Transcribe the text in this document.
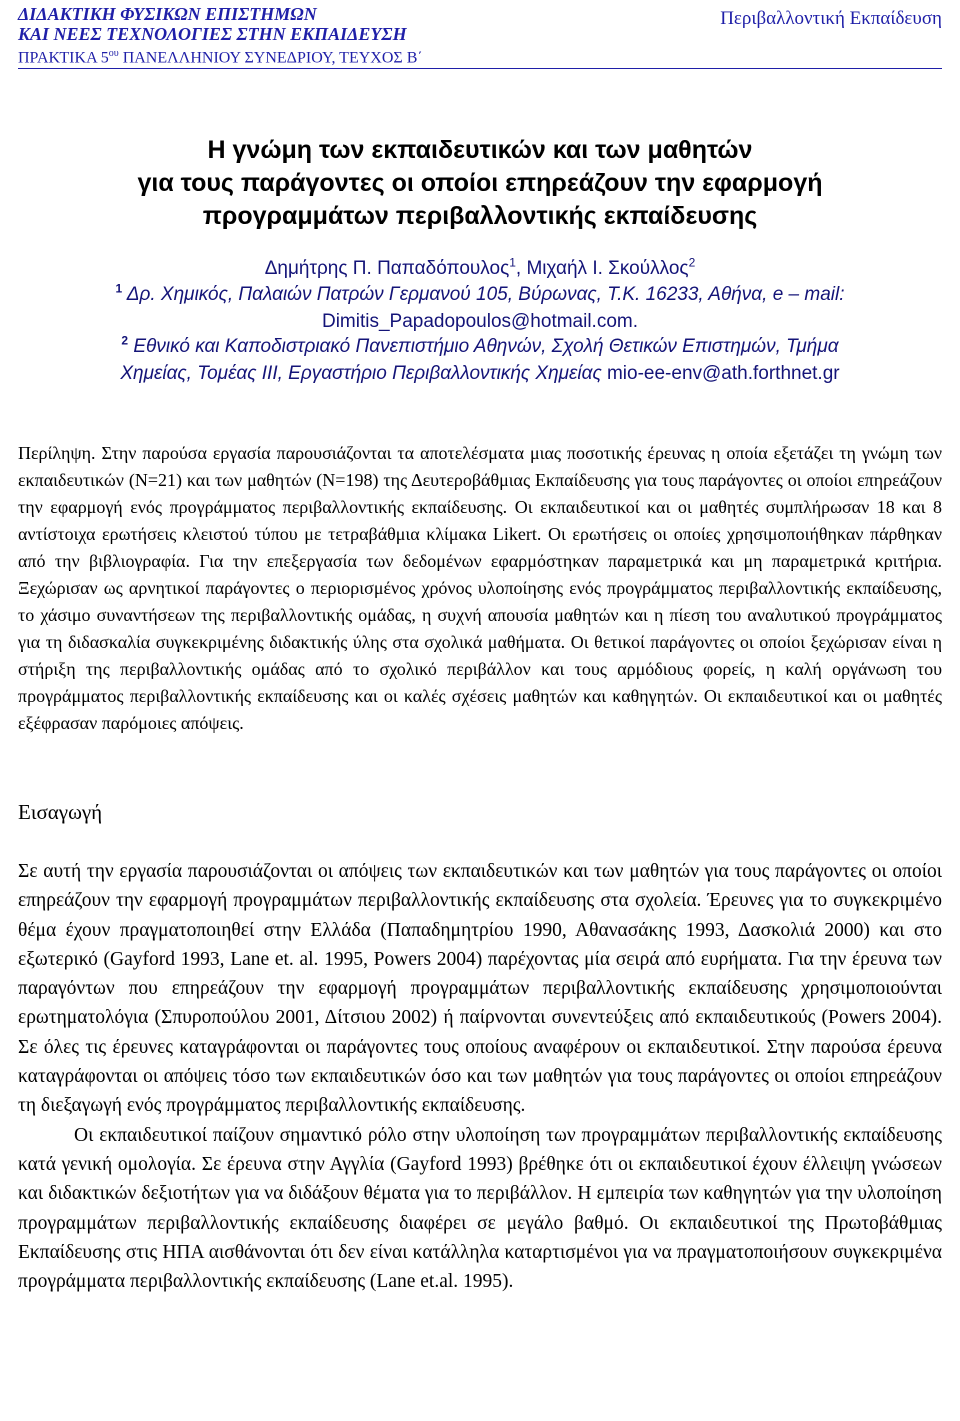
ΔΙΔΑΚΤΙΚΗ ΦΥΣΙΚΩΝ ΕΠΙΣΤΗΜΩΝ
ΚΑΙ ΝΕΕΣ ΤΕΧΝΟΛΟΓΙΕΣ ΣΤΗΝ ΕΚΠΑΙΔΕΥΣΗ
ΠΡΑΚΤΙΚΑ $5^{o\upsilon}$ ΠΑΝΕΛΛΗΝΙΟΥ ΣΥΝΕΔΡΙΟΥ, ΤΕΥΧΟΣ Β΄
Περιβαλλοντική Εκπαίδευση
Η γνώμη των εκπαιδευτικών και των μαθητών
για τους παράγοντες οι οποίοι επηρεάζουν την εφαρμογή
προγραμμάτων περιβαλλοντικής εκπαίδευσης
Δημήτρης Π. Παπαδόπουλος$^1$, Μιχαήλ Ι. Σκούλλος$^2$
$^1$ Δρ. Χημικός, Παλαιών Πατρών Γερμανού 105, Βύρωνας, Τ.Κ. 16233, Αθήνα, e – mail:
Dimitis_Papadopoulos@hotmail.com.
$^2$ Εθνικό και Καποδιστριακό Πανεπιστήμιο Αθηνών, Σχολή Θετικών Επιστημών, Τμήμα
Χημείας, Τομέας ΙΙΙ, Εργαστήριο Περιβαλλοντικής Χημείας mio-ee-env@ath.forthnet.gr
Περίληψη. Στην παρούσα εργασία παρουσιάζονται τα αποτελέσματα μιας ποσοτικής έρευνας η οποία εξετάζει τη γνώμη των εκπαιδευτικών (Ν=21) και των μαθητών (Ν=198) της Δευτεροβάθμιας Εκπαίδευσης για τους παράγοντες οι οποίοι επηρεάζουν την εφαρμογή ενός προγράμματος περιβαλλοντικής εκπαίδευσης. Οι εκπαιδευτικοί και οι μαθητές συμπλήρωσαν 18 και 8 αντίστοιχα ερωτήσεις κλειστού τύπου με τετραβάθμια κλίμακα Likert. Οι ερωτήσεις οι οποίες χρησιμοποιήθηκαν πάρθηκαν από την βιβλιογραφία. Για την επεξεργασία των δεδομένων εφαρμόστηκαν παραμετρικά και μη παραμετρικά κριτήρια. Ξεχώρισαν ως αρνητικοί παράγοντες ο περιορισμένος χρόνος υλοποίησης ενός προγράμματος περιβαλλοντικής εκπαίδευσης, το χάσιμο συναντήσεων της περιβαλλοντικής ομάδας, η συχνή απουσία μαθητών και η πίεση του αναλυτικού προγράμματος για τη διδασκαλία συγκεκριμένης διδακτικής ύλης στα σχολικά μαθήματα. Οι θετικοί παράγοντες οι οποίοι ξεχώρισαν είναι η στήριξη της περιβαλλοντικής ομάδας από το σχολικό περιβάλλον και τους αρμόδιους φορείς, η καλή οργάνωση του προγράμματος περιβαλλοντικής εκπαίδευσης και οι καλές σχέσεις μαθητών και καθηγητών. Οι εκπαιδευτικοί και οι μαθητές εξέφρασαν παρόμοιες απόψεις.
Εισαγωγή

Σε αυτή την εργασία παρουσιάζονται οι απόψεις των εκπαιδευτικών και των μαθητών για τους παράγοντες οι οποίοι επηρεάζουν την εφαρμογή προγραμμάτων περιβαλλοντικής εκπαίδευσης στα σχολεία. Έρευνες για το συγκεκριμένο θέμα έχουν πραγματοποιηθεί στην Ελλάδα (Παπαδημητρίου 1990, Αθανασάκης 1993, Δασκολιά 2000) και στο εξωτερικό (Gayford 1993, Lane et. al. 1995, Powers 2004) παρέχοντας μία σειρά από ευρήματα. Για την έρευνα των παραγόντων που επηρεάζουν την εφαρμογή προγραμμάτων περιβαλλοντικής εκπαίδευσης χρησιμοποιούνται ερωτηματολόγια (Σπυροπούλου 2001, Δίτσιου 2002) ή παίρνονται συνεντεύξεις από εκπαιδευτικούς (Powers 2004). Σε όλες τις έρευνες καταγράφονται οι παράγοντες τους οποίους αναφέρουν οι εκπαιδευτικοί. Στην παρούσα έρευνα καταγράφονται οι απόψεις τόσο των εκπαιδευτικών όσο και των μαθητών για τους παράγοντες οι οποίοι επηρεάζουν τη διεξαγωγή ενός προγράμματος περιβαλλοντικής εκπαίδευσης.

Οι εκπαιδευτικοί παίζουν σημαντικό ρόλο στην υλοποίηση των προγραμμάτων περιβαλλοντικής εκπαίδευσης κατά γενική ομολογία. Σε έρευνα στην Αγγλία (Gayford 1993) βρέθηκε ότι οι εκπαιδευτικοί έχουν έλλειψη γνώσεων και διδακτικών δεξιοτήτων για να διδάξουν θέματα για το περιβάλλον. Η εμπειρία των καθηγητών για την υλοποίηση προγραμμάτων περιβαλλοντικής εκπαίδευσης διαφέρει σε μεγάλο βαθμό. Οι εκπαιδευτικοί της Πρωτοβάθμιας Εκπαίδευσης στις ΗΠΑ αισθάνονται ότι δεν είναι κατάλληλα καταρτισμένοι για να πραγματοποιήσουν συγκεκριμένα προγράμματα περιβαλλοντικής εκπαίδευσης (Lane et.al. 1995).
